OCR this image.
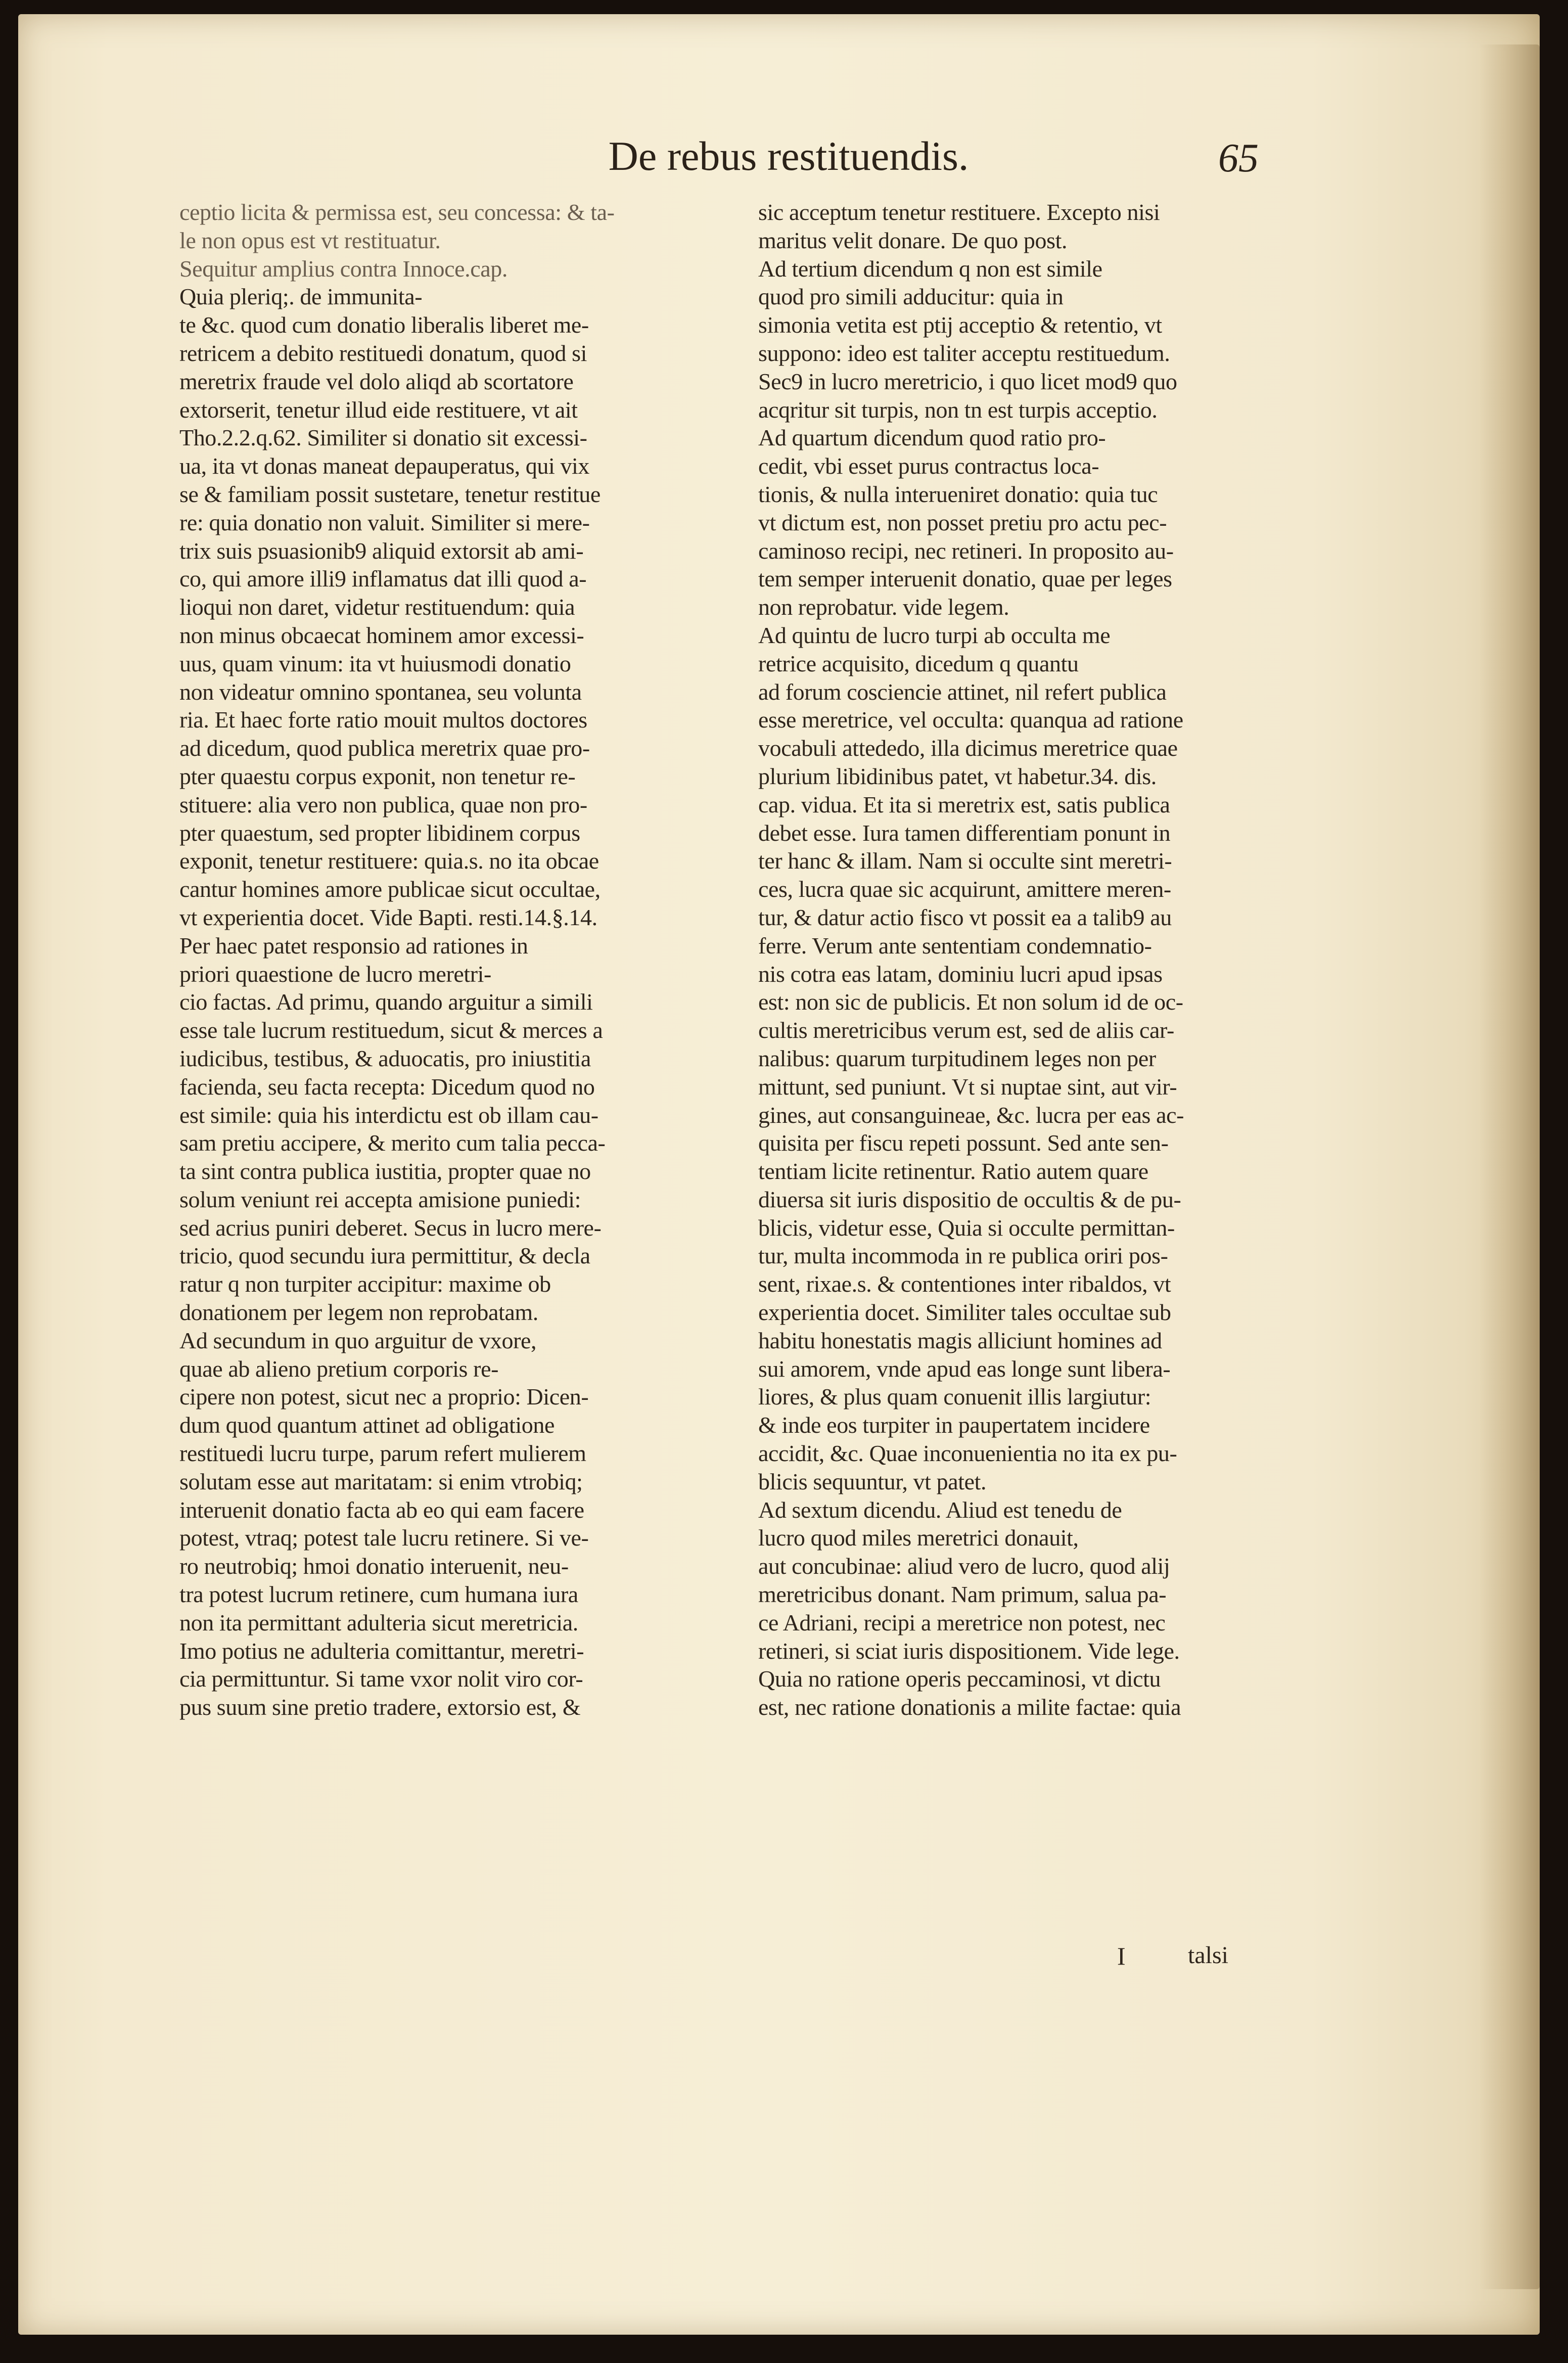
De rebus restituendis.	65
ceptio licita & permissa est, seu concessa: & ta-
le non opus est vt restituatur.
Sequitur amplius contra Innoce.cap.
Quia pleriq;. de immunita-
te &c. quod cum donatio liberalis liberet me-
retricem a debito restituedi donatum, quod si
meretrix fraude vel dolo aliqd ab scortatore
extorserit, tenetur illud eide restituere, vt ait
Tho.2.2.q.62. Similiter si donatio sit excessi-
ua, ita vt donas maneat depauperatus, qui vix
se & familiam possit sustetare, tenetur restitue
re: quia donatio non valuit. Similiter si mere-
trix suis psuasionib9 aliquid extorsit ab ami-
co, qui amore illi9 inflamatus dat illi quod a-
lioqui non daret, videtur restituendum: quia
non minus obcaecat hominem amor excessi-
uus, quam vinum: ita vt huiusmodi donatio
non videatur omnino spontanea, seu volunta
ria. Et haec forte ratio mouit multos doctores
ad dicedum, quod publica meretrix quae pro-
pter quaestu corpus exponit, non tenetur re-
stituere: alia vero non publica, quae non pro-
pter quaestum, sed propter libidinem corpus
exponit, tenetur restituere: quia.s. no ita obcae
cantur homines amore publicae sicut occultae,
vt experientia docet. Vide Bapti. resti.14.§.14.
Per haec patet responsio ad rationes in
priori quaestione de lucro meretri-
cio factas. Ad primu, quando arguitur a simili
esse tale lucrum restituedum, sicut & merces a
iudicibus, testibus, & aduocatis, pro iniustitia
facienda, seu facta recepta: Dicedum quod no
est simile: quia his interdictu est ob illam cau-
sam pretiu accipere, & merito cum talia pecca-
ta sint contra publica iustitia, propter quae no
solum veniunt rei accepta amisione puniedi:
sed acrius puniri deberet. Secus in lucro mere-
tricio, quod secundu iura permittitur, & decla
ratur q non turpiter accipitur: maxime ob
donationem per legem non reprobatam.
Ad secundum in quo arguitur de vxore,
quae ab alieno pretium corporis re-
cipere non potest, sicut nec a proprio: Dicen-
dum quod quantum attinet ad obligatione
restituedi lucru turpe, parum refert mulierem
solutam esse aut maritatam: si enim vtrobiq;
interuenit donatio facta ab eo qui eam facere
potest, vtraq; potest tale lucru retinere. Si ve-
ro neutrobiq; hmoi donatio interuenit, neu-
tra potest lucrum retinere, cum humana iura
non ita permittant adulteria sicut meretricia.
Imo potius ne adulteria comittantur, meretri-
cia permittuntur. Si tame vxor nolit viro cor-
pus suum sine pretio tradere, extorsio est, &
sic acceptum tenetur restituere. Excepto nisi
maritus velit donare. De quo post.
Ad tertium dicendum q non est simile
quod pro simili adducitur: quia in
simonia vetita est ptij acceptio & retentio, vt
suppono: ideo est taliter acceptu restituedum.
Sec9 in lucro meretricio, i quo licet mod9 quo
acqritur sit turpis, non tn est turpis acceptio.
Ad quartum dicendum quod ratio pro-
cedit, vbi esset purus contractus loca-
tionis, & nulla interueniret donatio: quia tuc
vt dictum est, non posset pretiu pro actu pec-
caminoso recipi, nec retineri. In proposito au-
tem semper interuenit donatio, quae per leges
non reprobatur. vide legem.
Ad quintu de lucro turpi ab occulta me
retrice acquisito, dicedum q quantu
ad forum cosciencie attinet, nil refert publica
esse meretrice, vel occulta: quanqua ad ratione
vocabuli attededo, illa dicimus meretrice quae
plurium libidinibus patet, vt habetur.34. dis.
cap. vidua. Et ita si meretrix est, satis publica
debet esse. Iura tamen differentiam ponunt in
ter hanc & illam. Nam si occulte sint meretri-
ces, lucra quae sic acquirunt, amittere meren-
tur, & datur actio fisco vt possit ea a talib9 au
ferre. Verum ante sententiam condemnatio-
nis cotra eas latam, dominiu lucri apud ipsas
est: non sic de publicis. Et non solum id de oc-
cultis meretricibus verum est, sed de aliis car-
nalibus: quarum turpitudinem leges non per
mittunt, sed puniunt. Vt si nuptae sint, aut vir-
gines, aut consanguineae, &c. lucra per eas ac-
quisita per fiscu repeti possunt. Sed ante sen-
tentiam licite retinentur. Ratio autem quare
diuersa sit iuris dispositio de occultis & de pu-
blicis, videtur esse, Quia si occulte permittan-
tur, multa incommoda in re publica oriri pos-
sent, rixae.s. & contentiones inter ribaldos, vt
experientia docet. Similiter tales occultae sub
habitu honestatis magis alliciunt homines ad
sui amorem, vnde apud eas longe sunt libera-
liores, & plus quam conuenit illis largiutur:
& inde eos turpiter in paupertatem incidere
accidit, &c. Quae inconuenientia no ita ex pu-
blicis sequuntur, vt patet.
Ad sextum dicendu. Aliud est tenedu de
lucro quod miles meretrici donauit,
aut concubinae: aliud vero de lucro, quod alij
meretricibus donant. Nam primum, salua pa-
ce Adriani, recipi a meretrice non potest, nec
retineri, si sciat iuris dispositionem. Vide lege.
Quia no ratione operis peccaminosi, vt dictu
est, nec ratione donationis a milite factae: quia
I	talsi
